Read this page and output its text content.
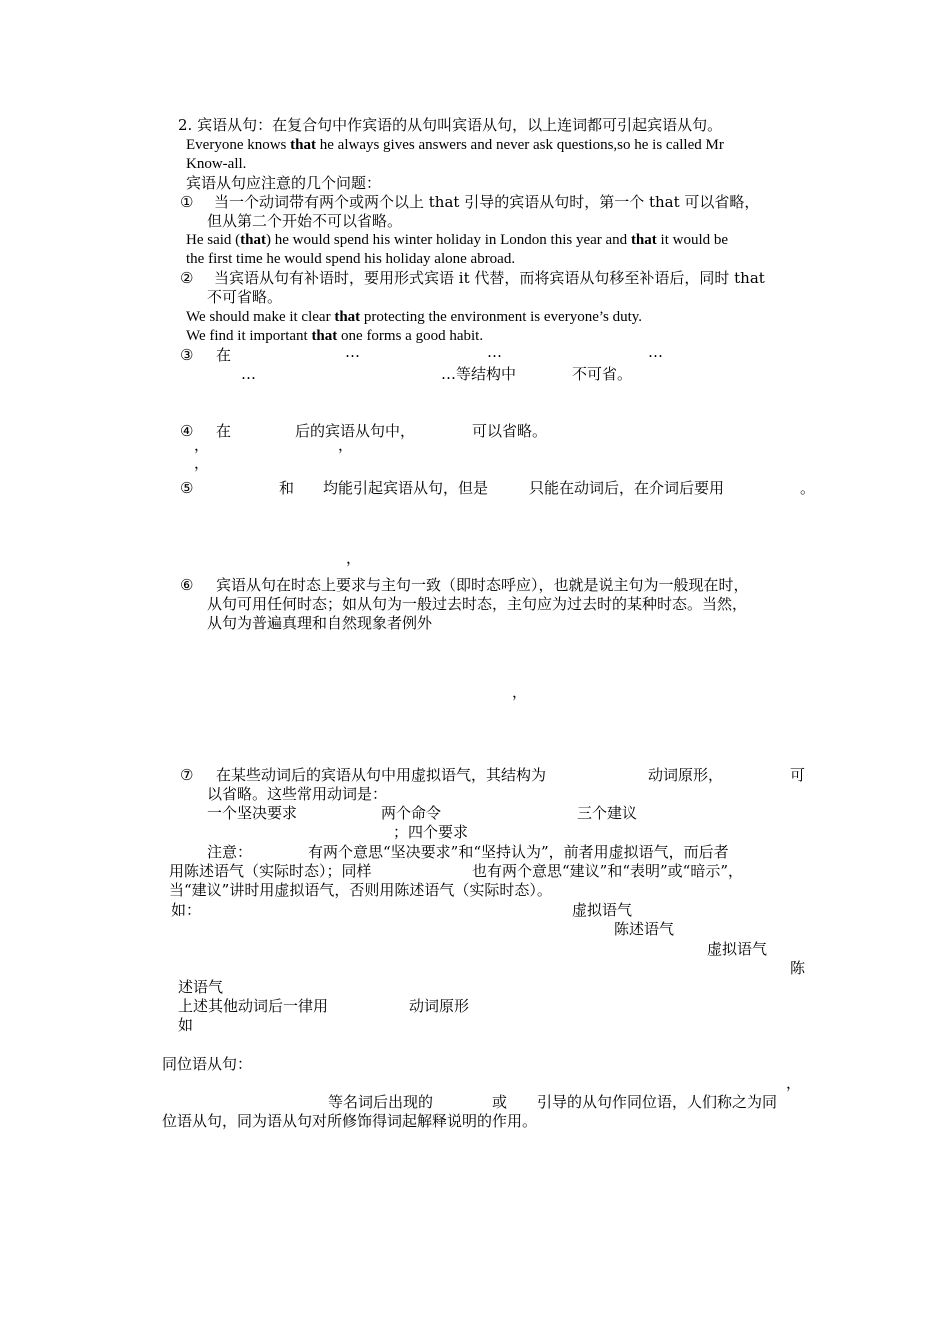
2. 宾语从句：在复合句中作宾语的从句叫宾语从句，以上连词都可引起宾语从句。
Everyone knows that he always gives answers and never ask questions,so he is called Mr
Know-all.
宾语从句应注意的几个问题：
① 当一个动词带有两个或两个以上 that 引导的宾语从句时，第一个 that 可以省略，
但从第二个开始不可以省略。
He said (that) he would spend his winter holiday in London this year and that it would be
the first time he would spend his holiday alone abroad.
② 当宾语从句有补语时，要用形式宾语 it 代替，而将宾语从句移至补语后，同时 that
不可省略。
We should make it clear that protecting the environment is everyone’s duty.
We find it important that one forms a good habit.
③ 在	…	…	…
…	…等结构中	不可省。
④ 在	后的宾语从句中，	可以省略。
，	，
，
⑤	和 均能引起宾语从句，但是	只能在动词后，在介词后要用	。
，
⑥ 宾语从句在时态上要求与主句一致（即时态呼应），也就是说主句为一般现在时，
从句可用任何时态；如从句为一般过去时态，主句应为过去时的某种时态。当然，
从句为普遍真理和自然现象者例外
，
⑦ 在某些动词后的宾语从句中用虚拟语气，其结构为	动词原形，	可
以省略。这些常用动词是：
一个坚决要求	两个命令	三个建议
；四个要求
注意：	有两个意思“坚决要求”和“坚持认为”，前者用虚拟语气，而后者
用陈述语气（实际时态）；同样	也有两个意思“建议”和“表明”或“暗示”，
当“建议”讲时用虚拟语气，否则用陈述语气（实际时态）。
如：	虚拟语气
陈述语气
虚拟语气
陈
述语气
上述其他动词后一律用	动词原形
如
同位语从句：
，
等名词后出现的	或 引导的从句作同位语，人们称之为同
位语从句，同为语从句对所修饰得词起解释说明的作用。
